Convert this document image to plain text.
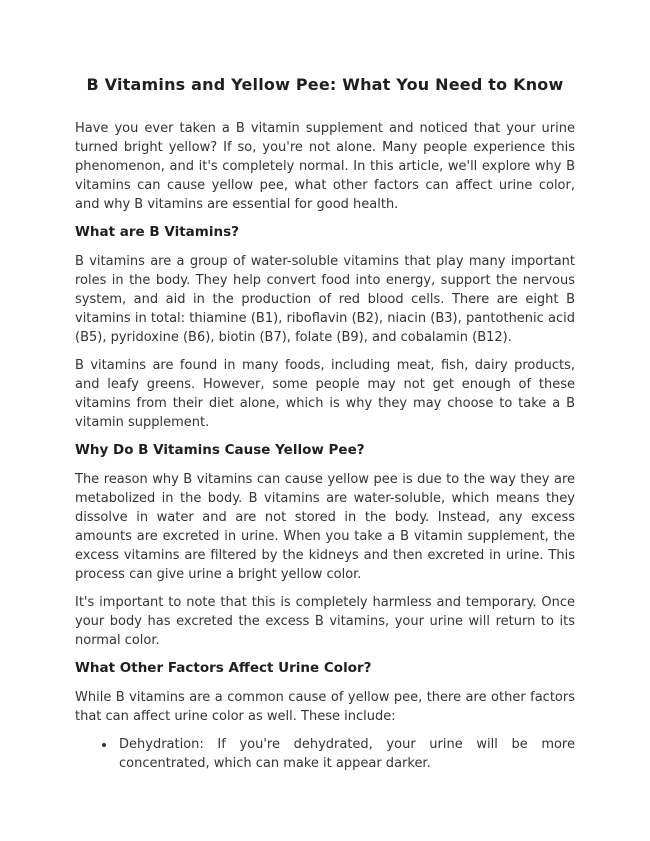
B Vitamins and Yellow Pee: What You Need to Know

Have you ever taken a B vitamin supplement and noticed that your urine turned bright yellow? If so, you're not alone. Many people experience this phenomenon, and it's completely normal. In this article, we'll explore why B vitamins can cause yellow pee, what other factors can affect urine color, and why B vitamins are essential for good health.

What are B Vitamins?

B vitamins are a group of water-soluble vitamins that play many important roles in the body. They help convert food into energy, support the nervous system, and aid in the production of red blood cells. There are eight B vitamins in total: thiamine (B1), riboflavin (B2), niacin (B3), pantothenic acid (B5), pyridoxine (B6), biotin (B7), folate (B9), and cobalamin (B12).

B vitamins are found in many foods, including meat, fish, dairy products, and leafy greens. However, some people may not get enough of these vitamins from their diet alone, which is why they may choose to take a B vitamin supplement.

Why Do B Vitamins Cause Yellow Pee?

The reason why B vitamins can cause yellow pee is due to the way they are metabolized in the body. B vitamins are water-soluble, which means they dissolve in water and are not stored in the body. Instead, any excess amounts are excreted in urine. When you take a B vitamin supplement, the excess vitamins are filtered by the kidneys and then excreted in urine. This process can give urine a bright yellow color.

It's important to note that this is completely harmless and temporary. Once your body has excreted the excess B vitamins, your urine will return to its normal color.

What Other Factors Affect Urine Color?

While B vitamins are a common cause of yellow pee, there are other factors that can affect urine color as well. These include:

• Dehydration: If you're dehydrated, your urine will be more concentrated, which can make it appear darker.
